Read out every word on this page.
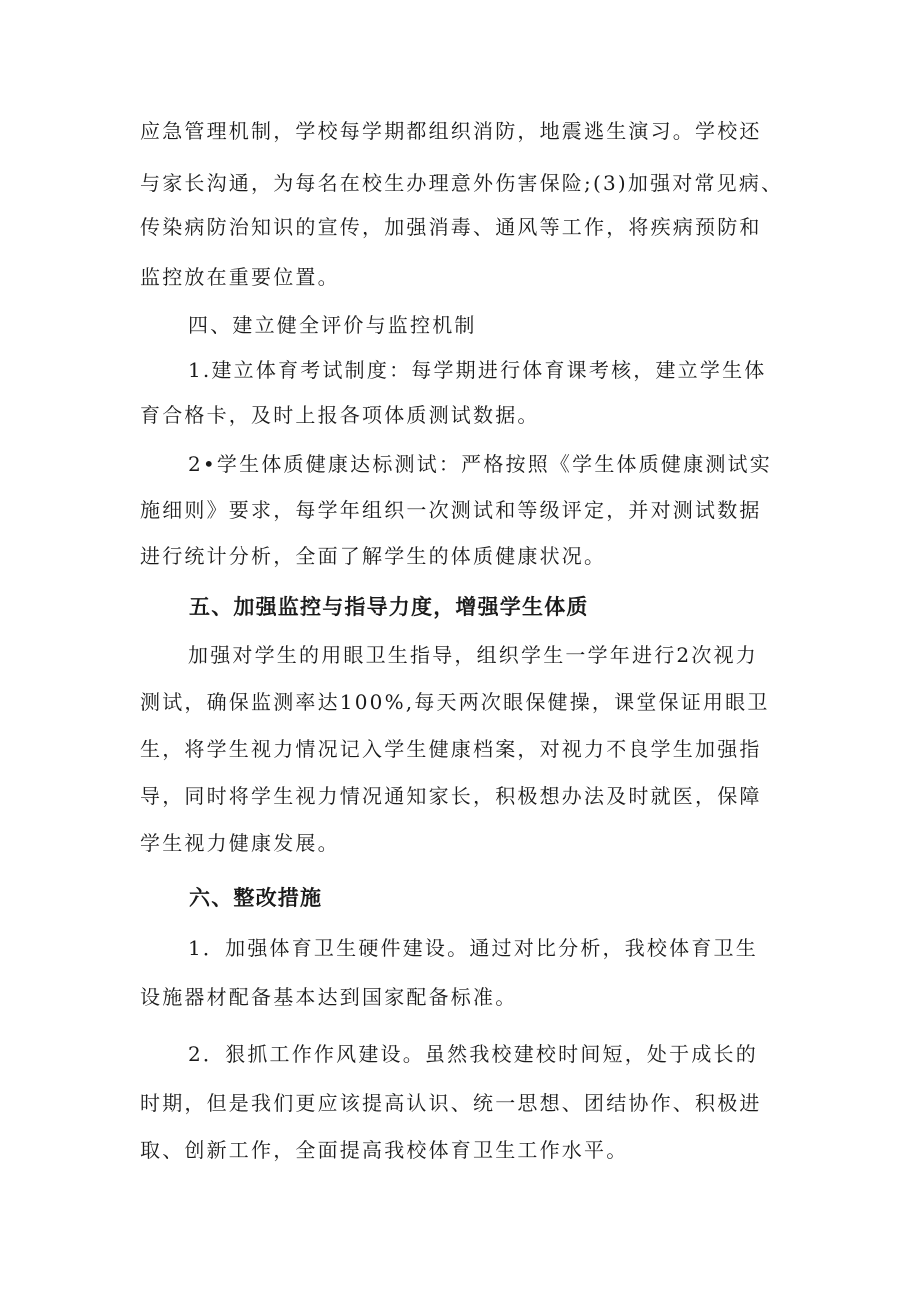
应急管理机制，学校每学期都组织消防，地震逃生演习。学校还
与家长沟通，为每名在校生办理意外伤害保险;(3)加强对常见病、
传染病防治知识的宣传，加强消毒、通风等工作，将疾病预防和
监控放在重要位置。
四、建立健全评价与监控机制
1.建立体育考试制度：每学期进行体育课考核，建立学生体
育合格卡，及时上报各项体质测试数据。
2•学生体质健康达标测试：严格按照《学生体质健康测试实
施细则》要求，每学年组织一次测试和等级评定，并对测试数据
进行统计分析，全面了解学生的体质健康状况。
五、加强监控与指导力度，增强学生体质
加强对学生的用眼卫生指导，组织学生一学年进行2次视力
测试，确保监测率达100%,每天两次眼保健操，课堂保证用眼卫
生，将学生视力情况记入学生健康档案，对视力不良学生加强指
导，同时将学生视力情况通知家长，积极想办法及时就医，保障
学生视力健康发展。
六、整改措施
1．加强体育卫生硬件建设。通过对比分析，我校体育卫生
设施器材配备基本达到国家配备标准。
2．狠抓工作作风建设。虽然我校建校时间短，处于成长的
时期，但是我们更应该提高认识、统一思想、团结协作、积极进
取、创新工作，全面提高我校体育卫生工作水平。
